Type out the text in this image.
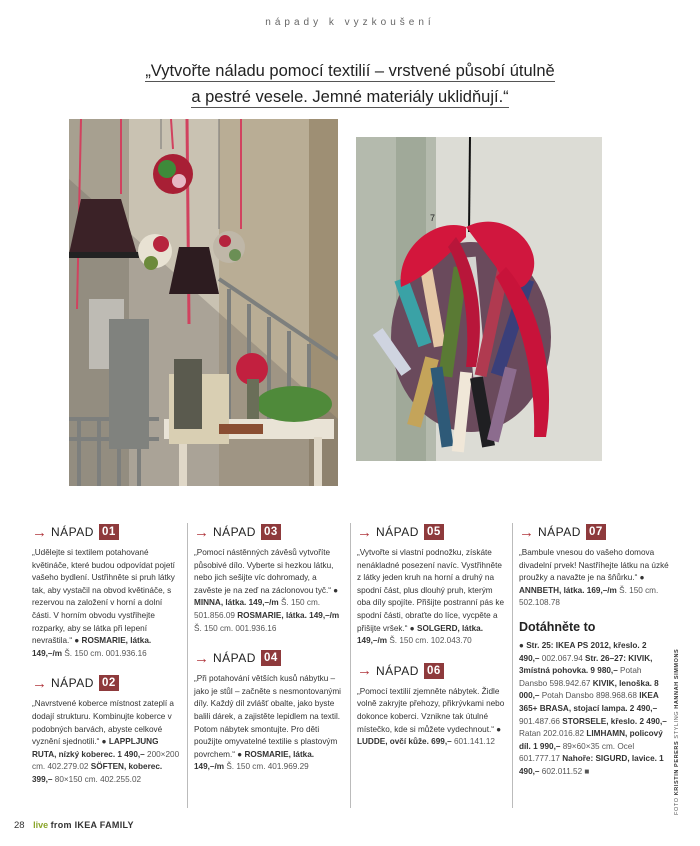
nápady k vyzkoušení
„Vytvořte náladu pomocí textilií – vrstvené působí útulně
a pestré vesele. Jemné materiály uklidňují.“
7
→ NÁPAD 01

„Udělejte si textilem potahované květináče, které budou odpovídat pojetí vašeho bydlení. Ustřihněte si pruh látky tak, aby vystačil na obvod květináče, s rezervou na založení v horní a dolní části. V horním obvodu vystřihejte rozparky, aby se látka při lepení nevraštila.“ ● ROSMARIE, látka. 149,–/m Š. 150 cm. 001.936.16

→ NÁPAD 02

„Navrstvené koberce místnost zateplí a dodají strukturu. Kombinujte koberce v podobných barvách, abyste celkové vyznění sjednotili.“ ● LAPPLJUNG RUTA, nízký koberec. 1 490,– 200×200 cm. 402.279.02 SÖFTEN, koberec. 399,– 80×150 cm. 402.255.02

→ NÁPAD 03

„Pomocí nástěnných závěsů vytvoříte působivé dílo. Vyberte si hezkou látku, nebo jich sešijte víc dohromady, a zavěste je na zeď na záclonovou tyč.“ ● MINNA, látka. 149,–/m Š. 150 cm. 501.856.09 ROSMARIE, látka. 149,–/m Š. 150 cm. 001.936.16

→ NÁPAD 04

„Při potahování větších kusů nábytku – jako je stůl – začněte s nesmontovanými díly. Každý díl zvlášť obalte, jako byste balili dárek, a zajistěte lepidlem na textil. Potom nábytek smontujte. Pro děti použijte omyvatelné textilie s plastovým povrchem.“ ● ROSMARIE, látka. 149,–/m Š. 150 cm. 401.969.29

→ NÁPAD 05

„Vytvořte si vlastní podnožku, získáte nenákladné posezení navíc. Vystřihněte z látky jeden kruh na horní a druhý na spodní část, plus dlouhý pruh, kterým oba díly spojíte. Přišijte postranní pás ke spodní části, obraťte do líce, vycpěte a přišijte vršek.“ ● SOLGERD, látka. 149,–/m Š. 150 cm. 102.043.70

→ NÁPAD 06

„Pomocí textilií zjemněte nábytek. Židle volně zakryjte přehozy, přikrývkami nebo dokonce koberci. Vznikne tak útulné místečko, kde si můžete vydechnout.“ ● LUDDE, ovčí kůže. 699,– 601.141.12

→ NÁPAD 07

„Bambule vnesou do vašeho domova divadelní prvek! Nastříhejte látku na úzké proužky a navažte je na šňůrku.“ ● ANNBETH, látka. 169,–/m Š. 150 cm. 502.108.78

Dotáhněte to

● Str. 25: IKEA PS 2012, křeslo. 2 490,– 002.067.94 Str. 26–27: KIVIK, 3místná pohovka. 9 980,– Potah Dansbo 598.942.67 KIVIK, lenoška. 8 000,– Potah Dansbo 898.968.68 IKEA 365+ BRASA, stojací lampa. 2 490,– 901.487.66 STORSELE, křeslo. 2 490,– Ratan 202.016.82 LIMHAMN, policový díl. 1 990,– 89×60×35 cm. Ocel 601.777.17 Nahoře: SIGURD, lavice. 1 490,– 602.011.52 ■

FOTO KRISTIN PERERS STYLING HANNAH SIMMONS
28 live from IKEA FAMILY
